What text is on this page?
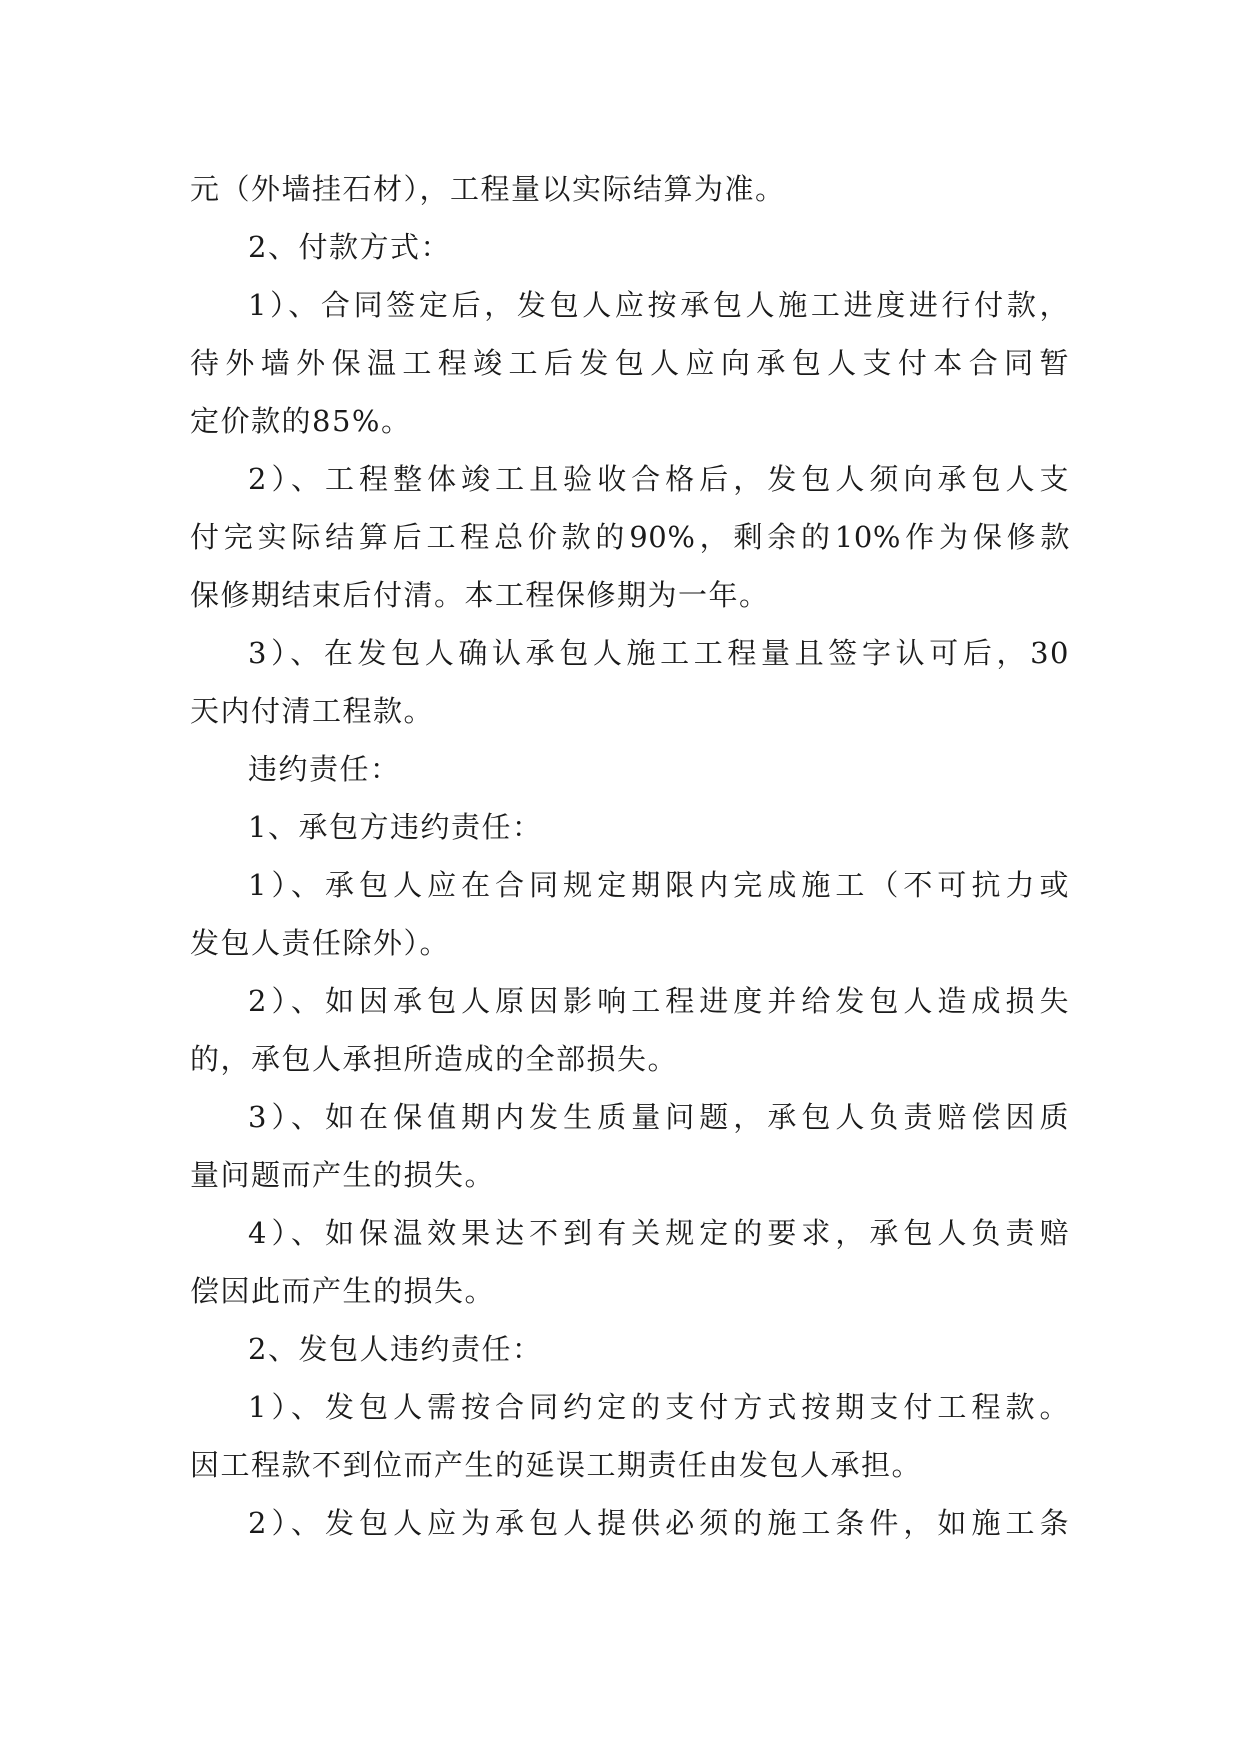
元（外墙挂石材），工程量以实际结算为准。
2、付款方式：
1）、合同签定后，发包人应按承包人施工进度进行付款，
待外墙外保温工程竣工后发包人应向承包人支付本合同暂
定价款的85%。
2）、工程整体竣工且验收合格后，发包人须向承包人支
付完实际结算后工程总价款的90%，剩余的10%作为保修款
保修期结束后付清。本工程保修期为一年。
3）、在发包人确认承包人施工工程量且签字认可后，30
天内付清工程款。
违约责任：
1、承包方违约责任：
1）、承包人应在合同规定期限内完成施工（不可抗力或
发包人责任除外）。
2）、如因承包人原因影响工程进度并给发包人造成损失
的，承包人承担所造成的全部损失。
3）、如在保值期内发生质量问题，承包人负责赔偿因质
量问题而产生的损失。
4）、如保温效果达不到有关规定的要求，承包人负责赔
偿因此而产生的损失。
2、发包人违约责任：
1）、发包人需按合同约定的支付方式按期支付工程款。
因工程款不到位而产生的延误工期责任由发包人承担。
2）、发包人应为承包人提供必须的施工条件，如施工条
